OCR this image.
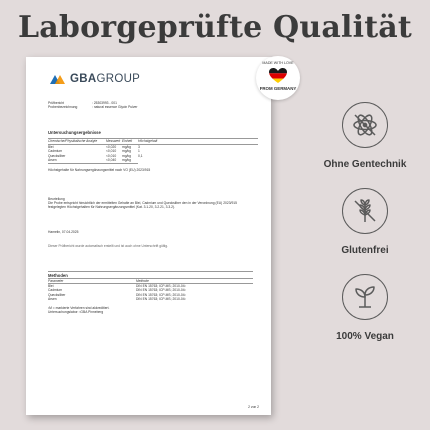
Laborgeprüfte Qualität
GBAGROUP
Prüfbericht	: 25303993 - 001
Probenbezeichnung	: natural essence Glycin Pulver
Untersuchungsergebnisse
Chemische/Physikalische Analyte	Messwert Einheit	Höchstgehalt
Blei	<0,020	mg/kg	3
Cadmium	<0,010	mg/kg	1
Quecksilber	<0,010	mg/kg	0,1
Arsen	<0,040	mg/kg
Höchstgehalte für Nahrungsergänzungsmittel nach VO (EU) 2023/915
Beurteilung
Die Probe entspricht hinsichtlich der ermittelten Gehalte an Blei, Cadmium und Quecksilber den in der Verordnung (EU) 2023/915 festgelegten Höchstgehalten für Nahrungsergänzungsmittel (Kat. 3.1.20, 3.2.21, 3.3.2).
Hamelin, 07.04.2025
Dieser Prüfbericht wurde automatisch erstellt und ist auch ohne Unterschrift gültig.
Methoden
Parameter	Methode
Blei	DIN EN 15763; ICP-MS; 2010-04¹
Cadmium	DIN EN 15763; ICP-MS; 2010-04¹
Quecksilber	DIN EN 15763; ICP-MS; 2010-04¹
Arsen	DIN EN 15763; ICP-MS; 2010-04¹
¹M = markierte Verfahren sind akkreditiert.
Untersuchungslabor: ¹GBA Pinneberg
2 von 2
MADE WITH LOVE
FROM GERMANY
Ohne Gentechnik
Glutenfrei
100% Vegan
